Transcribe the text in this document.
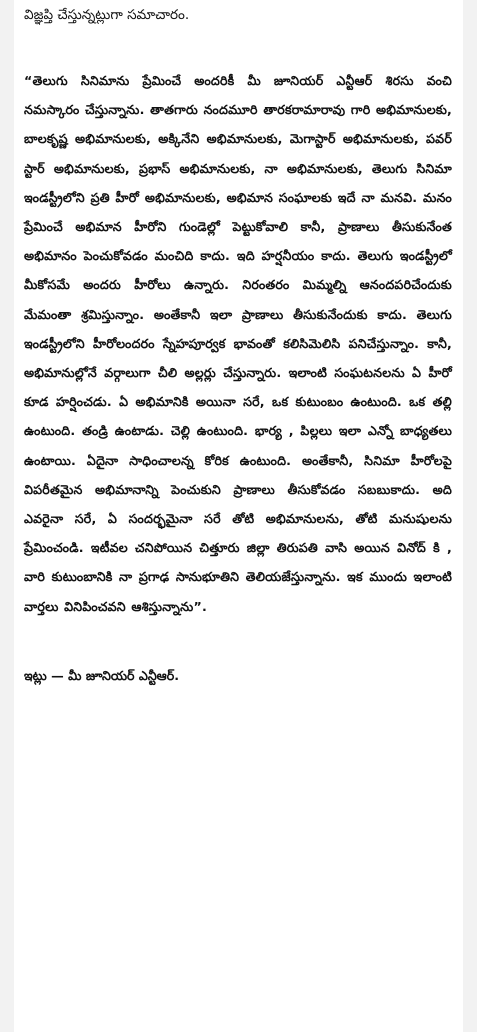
విజ్ఞప్తి చేస్తున్నట్లుగా సమాచారం.

“తెలుగు సినిమాను ప్రేమించే అందరికీ మీ జూనియర్ ఎన్టీఆర్ శిరసు వంచి నమస్కారం చేస్తున్నాను. తాతగారు నందమూరి తారకరామారావు గారి అభిమానులకు, బాలకృష్ణ అభిమానులకు, అక్కినేని అభిమానులకు, మెగాస్టార్ అభిమానులకు, పవర్ స్టార్ అభిమానులకు, ప్రభాస్ అభిమానులకు, నా అభిమానులకు, తెలుగు సినిమా ఇండస్ట్రీలోని ప్రతి హీరో అభిమానులకు, అభిమాన సంఘాలకు ఇదే నా మనవి. మనం ప్రేమించే అభిమాన హీరోని గుండెల్లో పెట్టుకోవాలి కానీ, ప్రాణాలు తీసుకునేంత అభిమానం పెంచుకోవడం మంచిది కాదు. ఇది హర్షనీయం కాదు. తెలుగు ఇండస్ట్రీలో మీకోసమే అందరు హీరోలు ఉన్నారు. నిరంతరం మిమ్మల్ని ఆనందపరిచేందుకు మేమంతా శ్రమిస్తున్నాం. అంతేకానీ ఇలా ప్రాణాలు తీసుకునేందుకు కాదు. తెలుగు ఇండస్ట్రీలోని హీరోలందరం స్నేహపూర్వక భావంతో కలిసిమెలిసి పనిచేస్తున్నాం. కానీ, అభిమానుల్లోనే వర్గాలుగా చీలి అల్లర్లు చేస్తున్నారు. ఇలాంటి సంఘటనలను ఏ హీరో కూడ హర్షించడు. ఏ అభిమానికి అయినా సరే, ఒక కుటుంబం ఉంటుంది. ఒక తల్లి ఉంటుంది. తండ్రి ఉంటాడు. చెల్లి ఉంటుంది. భార్య , పిల్లలు ఇలా ఎన్నో బాధ్యతలు ఉంటాయి. ఏదైనా సాధించాలన్న కోరిక ఉంటుంది. అంతేకానీ, సినిమా హీరోలపై విపరీతమైన అభిమానాన్ని పెంచుకుని ప్రాణాలు తీసుకోవడం సబబుకాదు. అది ఎవరైనా సరే, ఏ సందర్భమైనా సరే తోటి అభిమానులను, తోటి మనుషులను ప్రేమించండి. ఇటీవల చనిపోయిన చిత్తూరు జిల్లా తిరుపతి వాసి అయిన వినోద్ కి , వారి కుటుంబానికి నా ప్రగాఢ సానుభూతిని తెలియజేస్తున్నాను. ఇక ముందు ఇలాంటి వార్తలు వినిపించవని ఆశిస్తున్నాను”.

ఇట్లు — మీ జూనియర్ ఎన్టీఆర్.
